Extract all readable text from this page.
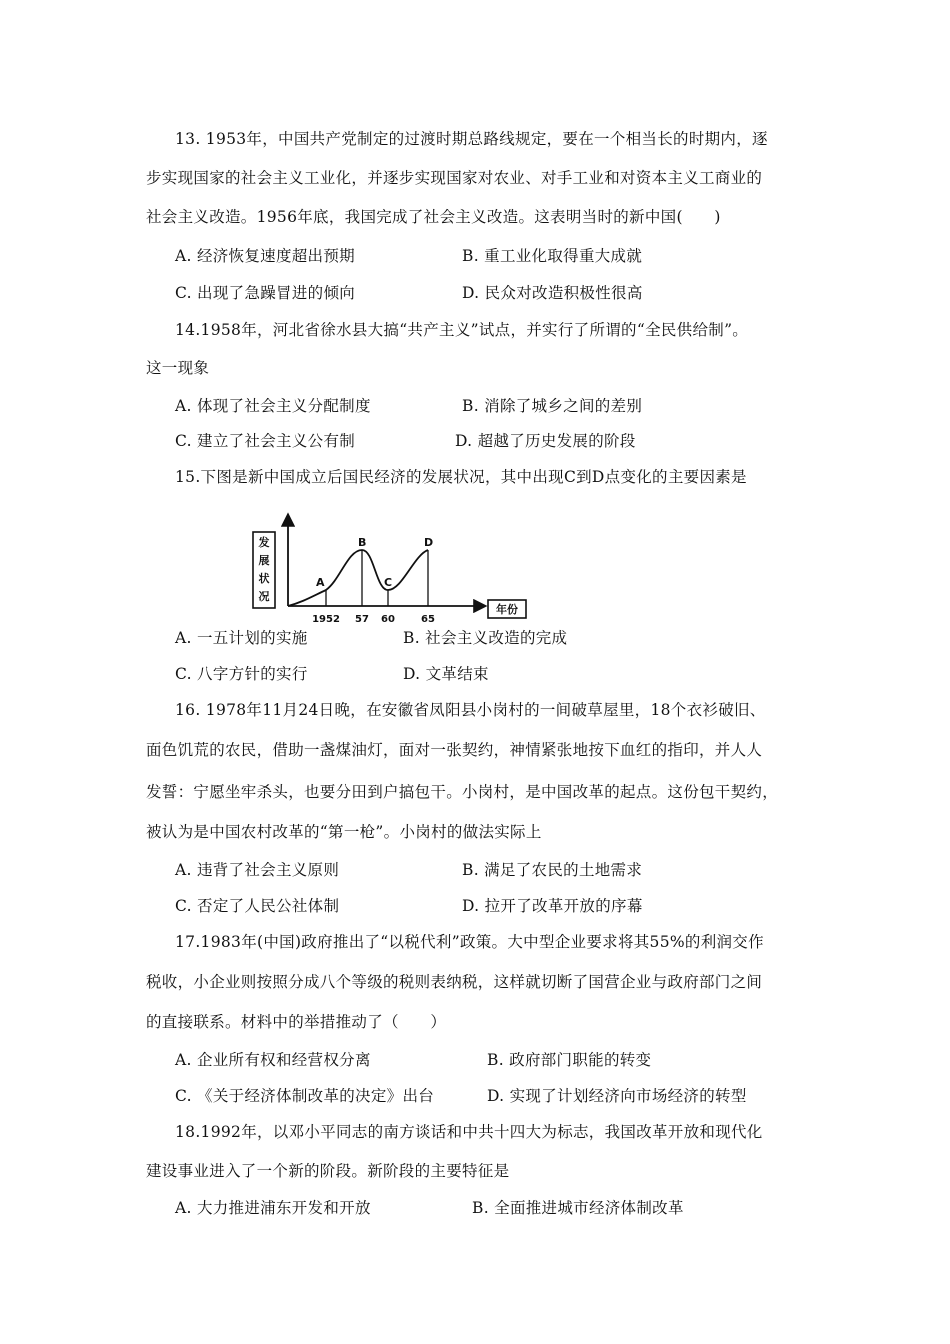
13. 1953年，中国共产党制定的过渡时期总路线规定，要在一个相当长的时期内，逐
步实现国家的社会主义工业化，并逐步实现国家对农业、对手工业和对资本主义工商业的
社会主义改造。1956年底，我国完成了社会主义改造。这表明当时的新中国(　　)
A. 经济恢复速度超出预期	B. 重工业化取得重大成就
C. 出现了急躁冒进的倾向	D. 民众对改造积极性很高
14.1958年，河北省徐水县大搞“共产主义”试点，并实行了所谓的“全民供给制”。
这一现象
A. 体现了社会主义分配制度	B. 消除了城乡之间的差别
C. 建立了社会主义公有制	D. 超越了历史发展的阶段
15.下图是新中国成立后国民经济的发展状况，其中出现C到D点变化的主要因素是
发
展
状
况
年份
A
B
C
D
1952 57 60	65
A. 一五计划的实施	B. 社会主义改造的完成
C. 八字方针的实行	D. 文革结束
16. 1978年11月24日晚，在安徽省凤阳县小岗村的一间破草屋里，18个衣衫破旧、
面色饥荒的农民，借助一盏煤油灯，面对一张契约，神情紧张地按下血红的指印，并人人
发誓：宁愿坐牢杀头，也要分田到户搞包干。小岗村，是中国改革的起点。这份包干契约，
被认为是中国农村改革的“第一枪”。小岗村的做法实际上
A. 违背了社会主义原则	B. 满足了农民的土地需求
C. 否定了人民公社体制	D. 拉开了改革开放的序幕
17.1983年(中国)政府推出了“以税代利”政策。大中型企业要求将其55%的利润交作
税收，小企业则按照分成八个等级的税则表纳税，这样就切断了国营企业与政府部门之间
的直接联系。材料中的举措推动了（　　）
A. 企业所有权和经营权分离	B. 政府部门职能的转变
C. 《关于经济体制改革的决定》出台	D. 实现了计划经济向市场经济的转型
18.1992年，以邓小平同志的南方谈话和中共十四大为标志，我国改革开放和现代化
建设事业进入了一个新的阶段。新阶段的主要特征是
A. 大力推进浦东开发和开放	B. 全面推进城市经济体制改革
